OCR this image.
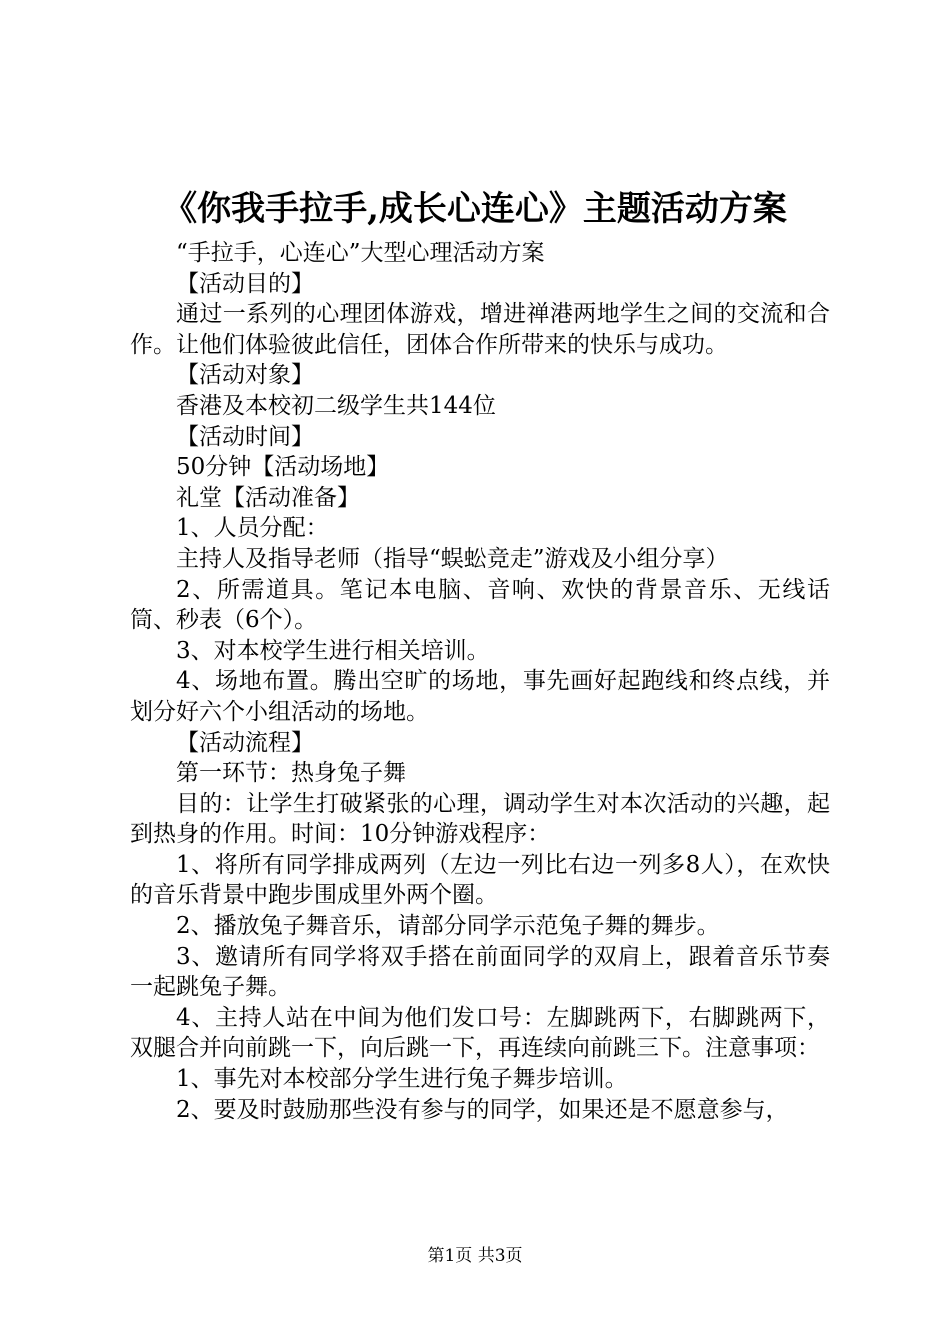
《你我手拉手,成长心连心》主题活动方案

“手拉手，心连心”大型心理活动方案

【活动目的】

通过一系列的心理团体游戏，增进禅港两地学生之间的交流和合作。让他们体验彼此信任，团体合作所带来的快乐与成功。

【活动对象】

香港及本校初二级学生共144位

【活动时间】

50分钟【活动场地】

礼堂【活动准备】

1、人员分配：

主持人及指导老师（指导“蜈蚣竞走”游戏及小组分享）

2、所需道具。笔记本电脑、音响、欢快的背景音乐、无线话筒、秒表（6个）。

3、对本校学生进行相关培训。

4、场地布置。腾出空旷的场地，事先画好起跑线和终点线，并划分好六个小组活动的场地。

【活动流程】

第一环节：热身兔子舞

目的：让学生打破紧张的心理，调动学生对本次活动的兴趣，起到热身的作用。时间：10分钟游戏程序：

1、将所有同学排成两列（左边一列比右边一列多8人），在欢快的音乐背景中跑步围成里外两个圈。

2、播放兔子舞音乐，请部分同学示范兔子舞的舞步。

3、邀请所有同学将双手搭在前面同学的双肩上，跟着音乐节奏一起跳兔子舞。

4、主持人站在中间为他们发口号：左脚跳两下，右脚跳两下，双腿合并向前跳一下，向后跳一下，再连续向前跳三下。注意事项：

1、事先对本校部分学生进行兔子舞步培训。

2、要及时鼓励那些没有参与的同学，如果还是不愿意参与，

第1页 共3页
